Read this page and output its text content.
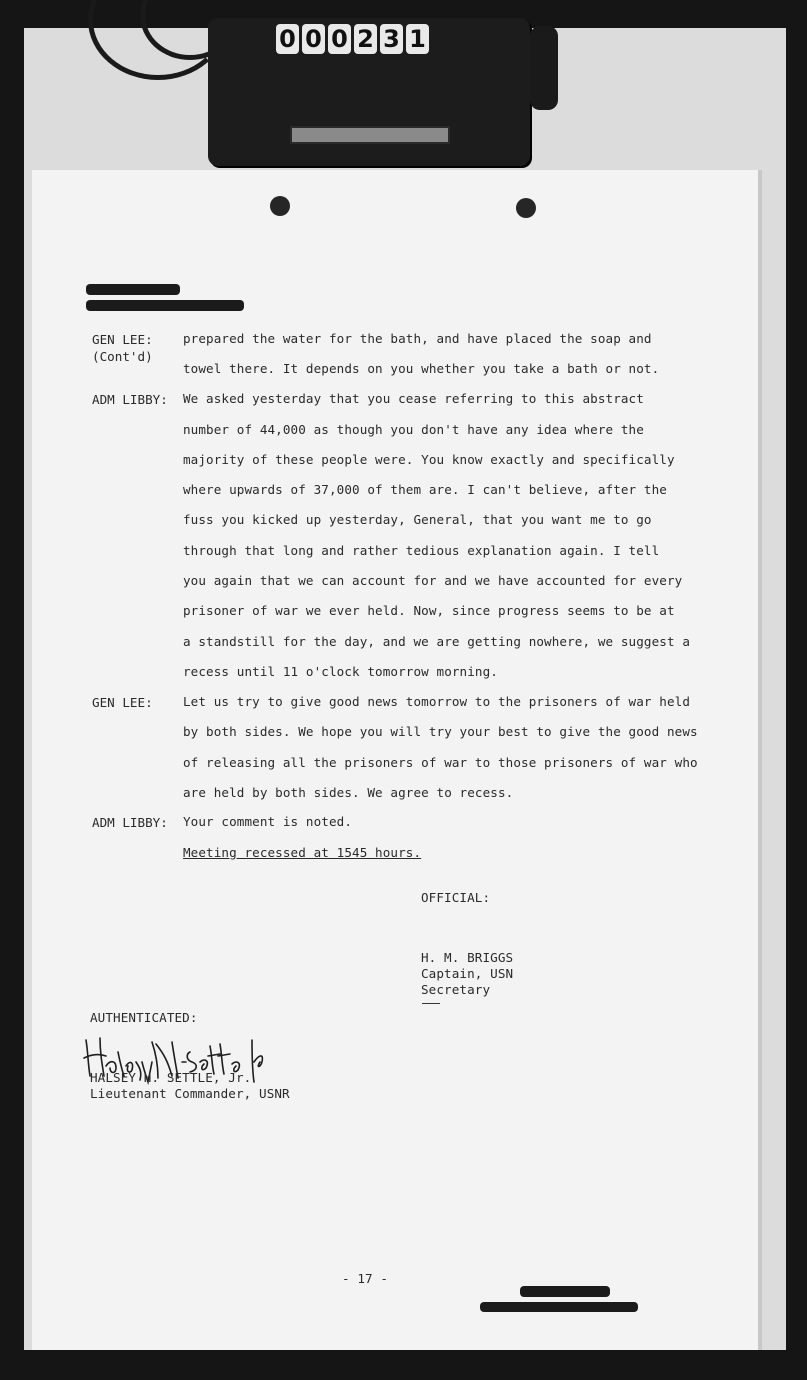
0 0 0 2 3 1
GEN LEE:
(Cont'd)
prepared the water for the bath, and have placed the soap and
towel there. It depends on you whether you take a bath or not.
ADM LIBBY: We asked yesterday that you cease referring to this abstract
number of 44,000 as though you don't have any idea where the
majority of these people were. You know exactly and specifically
where upwards of 37,000 of them are. I can't believe, after the
fuss you kicked up yesterday, General, that you want me to go
through that long and rather tedious explanation again. I tell
you again that we can account for and we have accounted for every
prisoner of war we ever held. Now, since progress seems to be at
a standstill for the day, and we are getting nowhere, we suggest a
recess until 11 o'clock tomorrow morning.
GEN LEE: Let us try to give good news tomorrow to the prisoners of war held
by both sides. We hope you will try your best to give the good news
of releasing all the prisoners of war to those prisoners of war who
are held by both sides. We agree to recess.
ADM LIBBY: Your comment is noted.
Meeting recessed at 1545 hours.
OFFICIAL:
H. M. BRIGGS
Captain, USN
Secretary
AUTHENTICATED:
HALSEY H. SETTLE, Jr.
Lieutenant Commander, USNR
- 17 -
